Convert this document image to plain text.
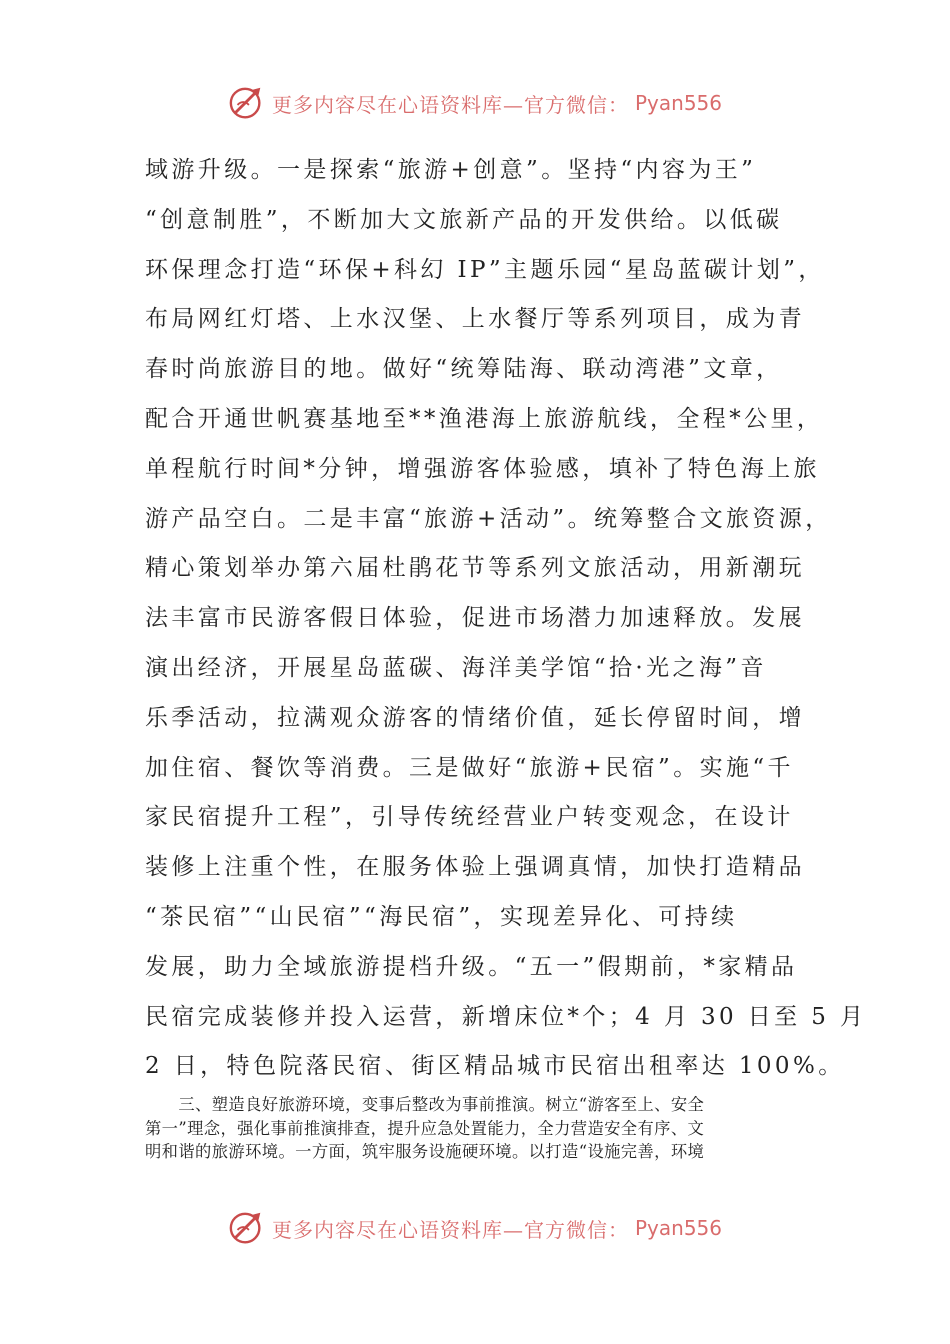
更多内容尽在心语资料库—官方微信： Pyan556
域游升级。一是探索“旅游+创意”。坚持“内容为王”
“创意制胜”，不断加大文旅新产品的开发供给。以低碳
环保理念打造“环保+科幻 IP”主题乐园“星岛蓝碳计划”，
布局网红灯塔、上水汉堡、上水餐厅等系列项目，成为青
春时尚旅游目的地。做好“统筹陆海、联动湾港”文章，
配合开通世帆赛基地至**渔港海上旅游航线，全程*公里，
单程航行时间*分钟，增强游客体验感，填补了特色海上旅
游产品空白。二是丰富“旅游+活动”。统筹整合文旅资源，
精心策划举办第六届杜鹃花节等系列文旅活动，用新潮玩
法丰富市民游客假日体验，促进市场潜力加速释放。发展
演出经济，开展星岛蓝碳、海洋美学馆“拾·光之海”音
乐季活动，拉满观众游客的情绪价值，延长停留时间，增
加住宿、餐饮等消费。三是做好“旅游+民宿”。实施“千
家民宿提升工程”，引导传统经营业户转变观念，在设计
装修上注重个性，在服务体验上强调真情，加快打造精品
“茶民宿”“山民宿”“海民宿”，实现差异化、可持续
发展，助力全域旅游提档升级。“五一”假期前，*家精品
民宿完成装修并投入运营，新增床位*个；4 月 30 日至 5 月
2 日，特色院落民宿、街区精品城市民宿出租率达 100%。
　　三、塑造良好旅游环境，变事后整改为事前推演。树立“游客至上、安全
第一”理念，强化事前推演排查，提升应急处置能力，全力营造安全有序、文
明和谐的旅游环境。一方面，筑牢服务设施硬环境。以打造“设施完善，环境
更多内容尽在心语资料库—官方微信： Pyan556
